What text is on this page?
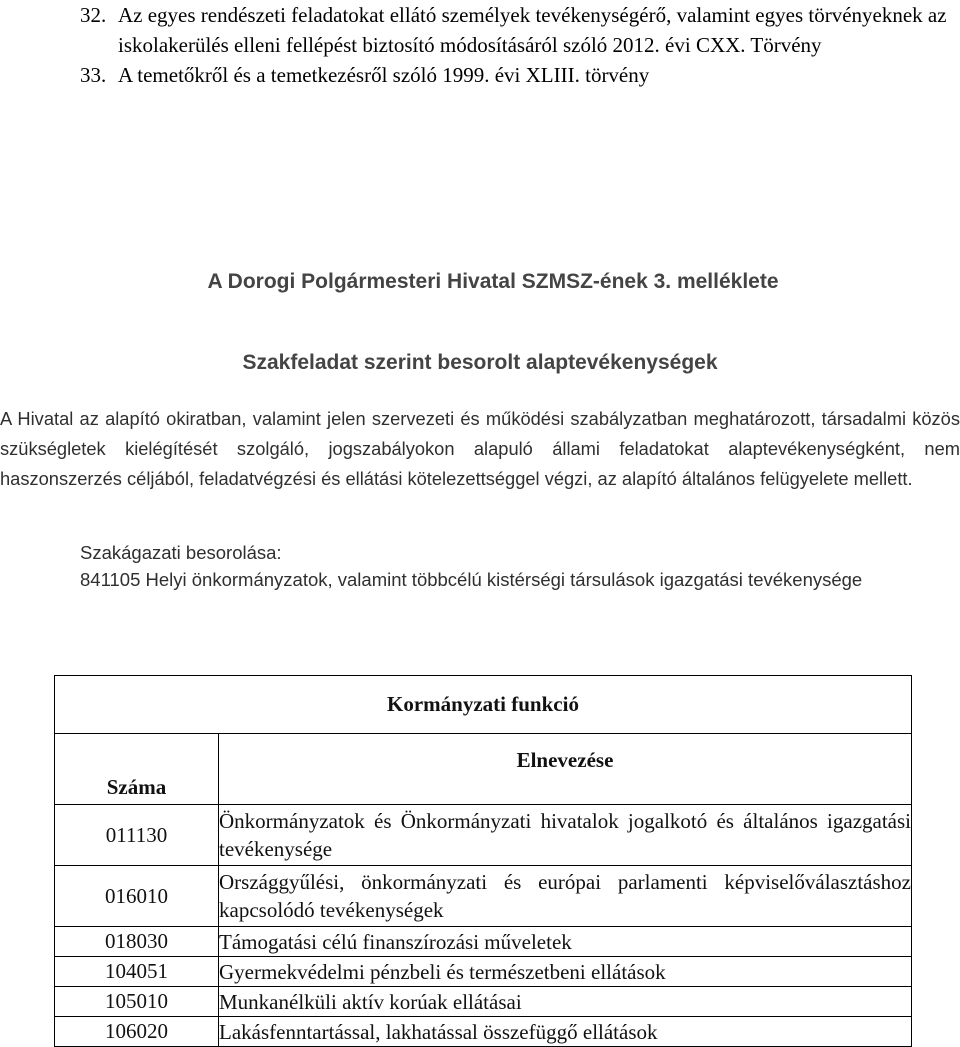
32. Az egyes rendészeti feladatokat ellátó személyek tevékenységérő, valamint egyes törvényeknek az iskolakerülés elleni fellépést biztosító módosításáról szóló 2012. évi CXX. Törvény
33. A temetőkről és a temetkezésről szóló 1999. évi XLIII. törvény
A Dorogi Polgármesteri Hivatal SZMSZ-ének 3. melléklete
Szakfeladat szerint besorolt alaptevékenységek
A Hivatal az alapító okiratban, valamint jelen szervezeti és működési szabályzatban meghatározott, társadalmi közös szükségletek kielégítését szolgáló, jogszabályokon alapuló állami feladatokat alaptevékenységként, nem haszonszerzés céljából, feladatvégzési és ellátási kötelezettséggel végzi, az alapító általános felügyelete mellett.
Szakágazati besorolása:
841105 Helyi önkormányzatok, valamint többcélú kistérségi társulások igazgatási tevékenysége
Kormányzati funkció	
Száma	Elnevezése
011130	Önkormányzatok és Önkormányzati hivatalok jogalkotó és általános igazgatási tevékenysége
016010	Országgyűlési, önkormányzati és európai parlamenti képviselőválasztáshoz kapcsolódó tevékenységek
018030	Támogatási célú finanszírozási műveletek
104051	Gyermekvédelmi pénzbeli és természetbeni ellátások
105010	Munkanélküli aktív korúak ellátásai
106020	Lakásfenntartással, lakhatással összefüggő ellátások
